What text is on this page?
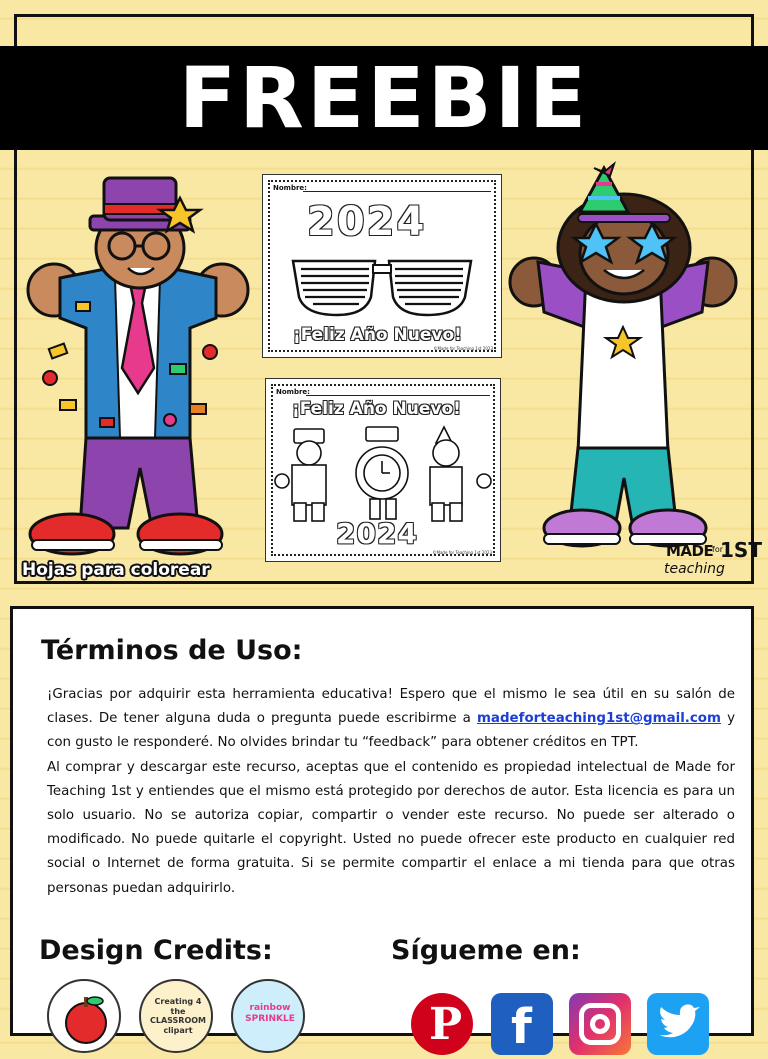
FREEBIE
Nombre:
2024
¡Feliz Año Nuevo!
©Made for Teaching 1st 2023
Nombre:
¡Feliz Año Nuevo!
2024
©Made for Teaching 1st 2023
Hojas para colorear
MADE
for
1ST
teaching
Términos de Uso:

¡Gracias por adquirir esta herramienta educativa! Espero que el mismo le sea útil en su salón de clases. De tener alguna duda o pregunta puede escribirme a madeforteaching1st@gmail.com y con gusto le responderé. No olvides brindar tu “feedback” para obtener créditos en TPT.

Al comprar y descargar este recurso, aceptas que el contenido es propiedad intelectual de Made for Teaching 1st y entiendes que el mismo está protegido por derechos de autor. Esta licencia es para un solo usuario. No se autoriza copiar, compartir o vender este recurso. No puede ser alterado o modificado. No puede quitarle el copyright. Usted no puede ofrecer este producto en cualquier red social o Internet de forma gratuita. Si se permite compartir el enlace a mi tienda para que otras personas puedan adquirirlo.

Design Credits:
Creating 4 the CLASSROOM clipart
rainbow SPRINKLE
Sígueme en:
P f
